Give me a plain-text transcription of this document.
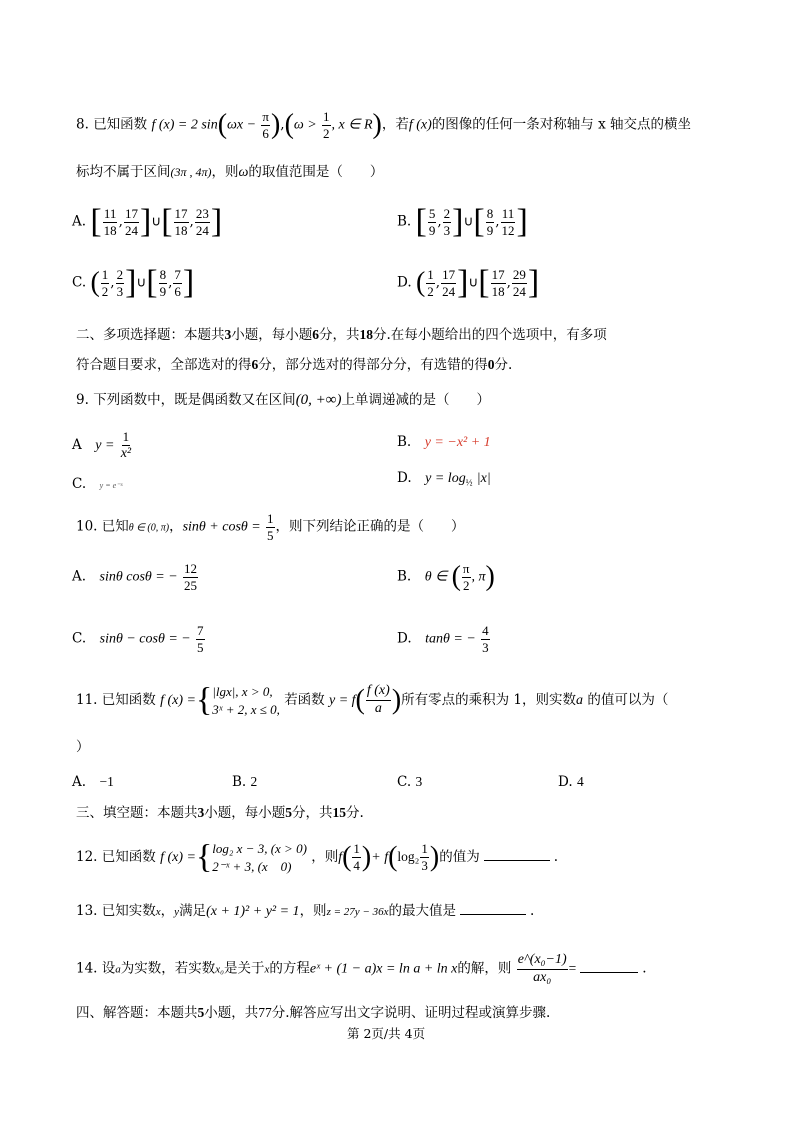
8. 已知函数 f (x) = 2 $\sin(\omega x - \frac{\pi}{6} ),(\omega > \frac{1}{2}$ , x ∈ R)，若f (x)的图像的任何一条对称轴与 x 轴交点的横坐
标均不属于区间(3π , 4π)，则ω的取值范围是（　　）
A. [ $\frac{11}{18}$ , $\frac{17}{24}$ ]∪[ $\frac{17}{18}$ , $\frac{23}{24}$ ]	B. [ $\frac{5}{9}$ , $\frac{2}{3}$ ]∪[ $\frac{8}{9}$ , $\frac{11}{12}$ ]
C. ( $\frac{1}{2}$ , $\frac{2}{3}$ ]∪[ $\frac{8}{9}$ , $\frac{7}{6}$ ]	D. ( $\frac{1}{2}$ , $\frac{17}{24}$ ]∪[ $\frac{17}{18}$ , $\frac{29}{24}$ ]
二、多项选择题：本题共3小题，每小题6分，共18分.在每小题给出的四个选项中，有多项
符合题目要求，全部选对的得6分，部分选对的得部分分，有选错的得0分.
9. 下列函数中，既是偶函数又在区间(0, +∞)上单调递减的是（　　）
A　 $y = \frac{1}{\text{x²}}$	B.　 y = −x² + 1
C.　 y = e⁻ˣ	D.　 $y = \log_{\frac{1}{2}} |x|$
10. 已知θ ∈ (0, π)，$\sin\theta + \cos\theta = \frac{1}{5}$ ，则下列结论正确的是（　　）
A.　 sinθ cosθ = − $\frac{12}{25}$	B.　 θ ∈ ( $\frac{\pi}{2}$ , π)
C.　 sinθ − cosθ = − $\frac{7}{5}$	D.　 tanθ = − $\frac{4}{3}$
11. 已知函数 f (x) ={ |lgx|, x > 0,
3ˣ + 2, x ≤ 0,
若函数 $y = f( \frac{f (x)}{a}$ )所有零点的乘积为 1，则实数a 的值可以为（
）
A.　 −1	B. 2	C. 3	D. 4
三、填空题：本题共3小题，每小题5分，共15分.
12. 已知函数 f (x) ={ log₂ x − 3, (x > 0)
2⁻ˣ + 3, (x　0)
，则$f( \frac{1}{4}$ )+ $f(\log_2 \frac{1}{3}$ )的值为	.
13. 已知实数x，y满足(x + 1)² + y² = 1，则z = 27y − 36x的最大值是	.
14. 设a为实数，若实数x₀是关于x的方程eˣ + (1 − a)x = ln a + ln x的解，则 $\frac{\text{e\textasciicircum{}(x₀−1)}}{\text{ax₀}}$ =	.
四、解答题：本题共5小题，共77分.解答应写出文字说明、证明过程或演算步骤.
第 2页/共 4页
